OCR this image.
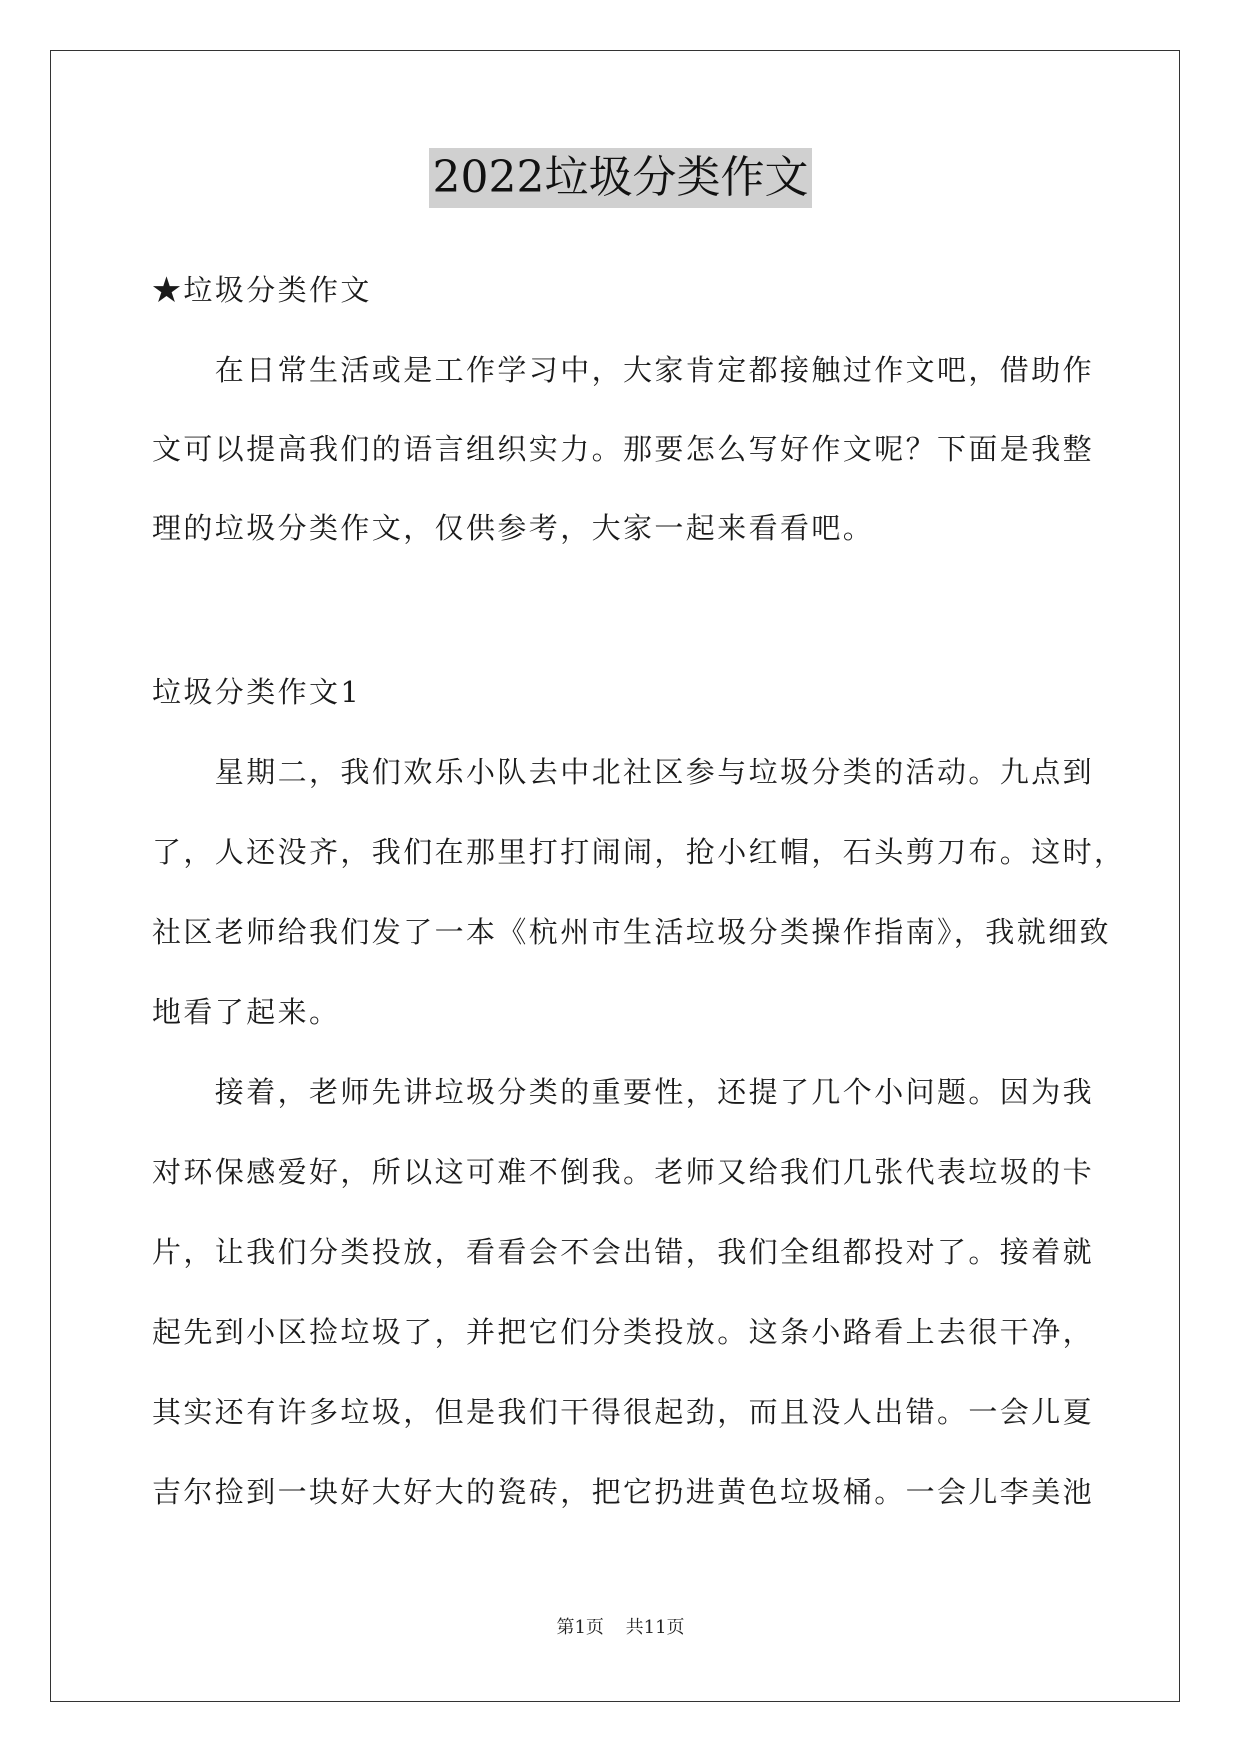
2022垃圾分类作文
★垃圾分类作文
　　在日常生活或是工作学习中，大家肯定都接触过作文吧，借助作
文可以提高我们的语言组织实力。那要怎么写好作文呢？下面是我整
理的垃圾分类作文，仅供参考，大家一起来看看吧。
垃圾分类作文1
　　星期二，我们欢乐小队去中北社区参与垃圾分类的活动。九点到
了，人还没齐，我们在那里打打闹闹，抢小红帽，石头剪刀布。这时，
社区老师给我们发了一本《杭州市生活垃圾分类操作指南》，我就细致
地看了起来。
　　接着，老师先讲垃圾分类的重要性，还提了几个小问题。因为我
对环保感爱好，所以这可难不倒我。老师又给我们几张代表垃圾的卡
片，让我们分类投放，看看会不会出错，我们全组都投对了。接着就
起先到小区捡垃圾了，并把它们分类投放。这条小路看上去很干净，
其实还有许多垃圾，但是我们干得很起劲，而且没人出错。一会儿夏
吉尔捡到一块好大好大的瓷砖，把它扔进黄色垃圾桶。一会儿李美池
第1页 共11页
